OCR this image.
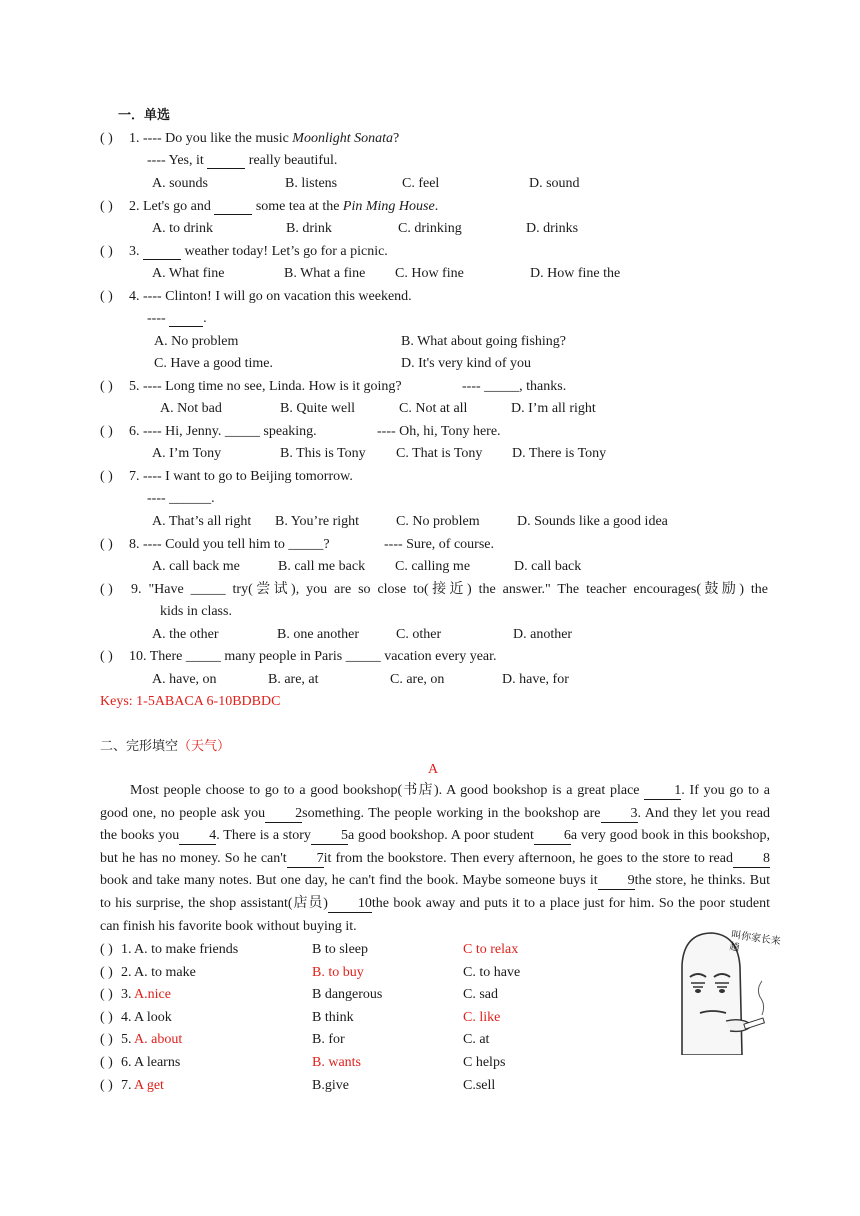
一．单选
( ) 1. ---- Do you like the music Moonlight Sonata?
---- Yes, it	really beautiful.
A. sounds	B. listens	C. feel	D. sound
( ) 2. Let's go and	some tea at the Pin Ming House.
A. to drink	B. drink	C. drinking	D. drinks
( ) 3.	weather today! Let’s go for a picnic.
A. What fine	B. What a fine C. How fine	D. How fine the
( ) 4. ---- Clinton! I will go on vacation this weekend.
----  .
A. No problem	B. What about going fishing?
C. Have a good time.	D. It's very kind of you
( ) 5. ---- Long time no see, Linda. How is it going?	---- _____, thanks.
A. Not bad	B. Quite well	C. Not at all	D. I’m all right
( ) 6. ---- Hi, Jenny. _____ speaking.	---- Oh, hi, Tony here.
A. I’m Tony	B. This is Tony C. That is Tony D. There is Tony
( ) 7. ---- I want to go to Beijing tomorrow.
---- ______.
A. That’s all right B. You’re right	C. No problem	D. Sounds like a good idea
( ) 8. ---- Could you tell him to _____?	---- Sure, of course.
A. call back me	B. call me back C. calling me	D. call back
( ) 9. "Have _____ try(尝试), you are so close to(接近) the answer." The teacher encourages(鼓励) the
kids in class.
A. the other	B. one another	C. other	D. another
( ) 10. There _____ many people in Paris _____ vacation every year.
A. have, on	B. are, at	C. are, on	D. have, for
Keys: 1-5ABACA 6-10BDBDC
二、完形填空（天气）
A
Most people choose to go to a good bookshop(书店). A good bookshop is a great place 1. If you go to a good one, no people ask you 2something. The people working in the bookshop are 3. And they let you read the books you 4. There is a story 5a good bookshop. A poor student 6a very good book in this bookshop, but he has no money. So he can't 7it from the bookstore. Then every afternoon, he goes to the store to read 8book and take many notes. But one day, he can't find the book. Maybe someone buys it 9the store, he thinks. But to his surprise, the shop assistant(店员) 10the book away and puts it to a place just for him. So the poor student can finish his favorite book without buying it.
( ) 1. A. to make friends	B to sleep	C to relax
( ) 2. A. to make	B. to buy	C. to have
( ) 3. A.nice	B dangerous	C. sad
( ) 4. A look	B think	C. like
( ) 5. A. about	B. for	C. at
( ) 6. A learns	B. wants	C helps
( ) 7. A get	B.give	C.sell
叫你家长来趟
